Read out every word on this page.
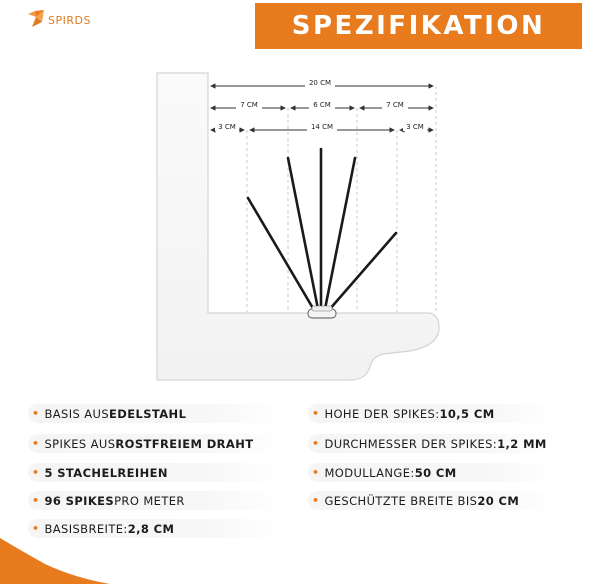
SPIRDS	SPEZIFIKATION
20 CM
7 CM	6 CM	7 CM
3 CM	14 CM	3 CM
• BASIS AUS EDELSTAHL
• SPIKES AUS ROSTFREIEM DRAHT
• 5 STACHELREIHEN
• 96 SPIKES PRO METER
• BASISBREITE: 2,8 CM
• HOHE DER SPIKES: 10,5 CM
• DURCHMESSER DER SPIKES: 1,2 MM
• MODULLANGE: 50 CM
• GESCHÜTZTE BREITE BIS 20 CM
